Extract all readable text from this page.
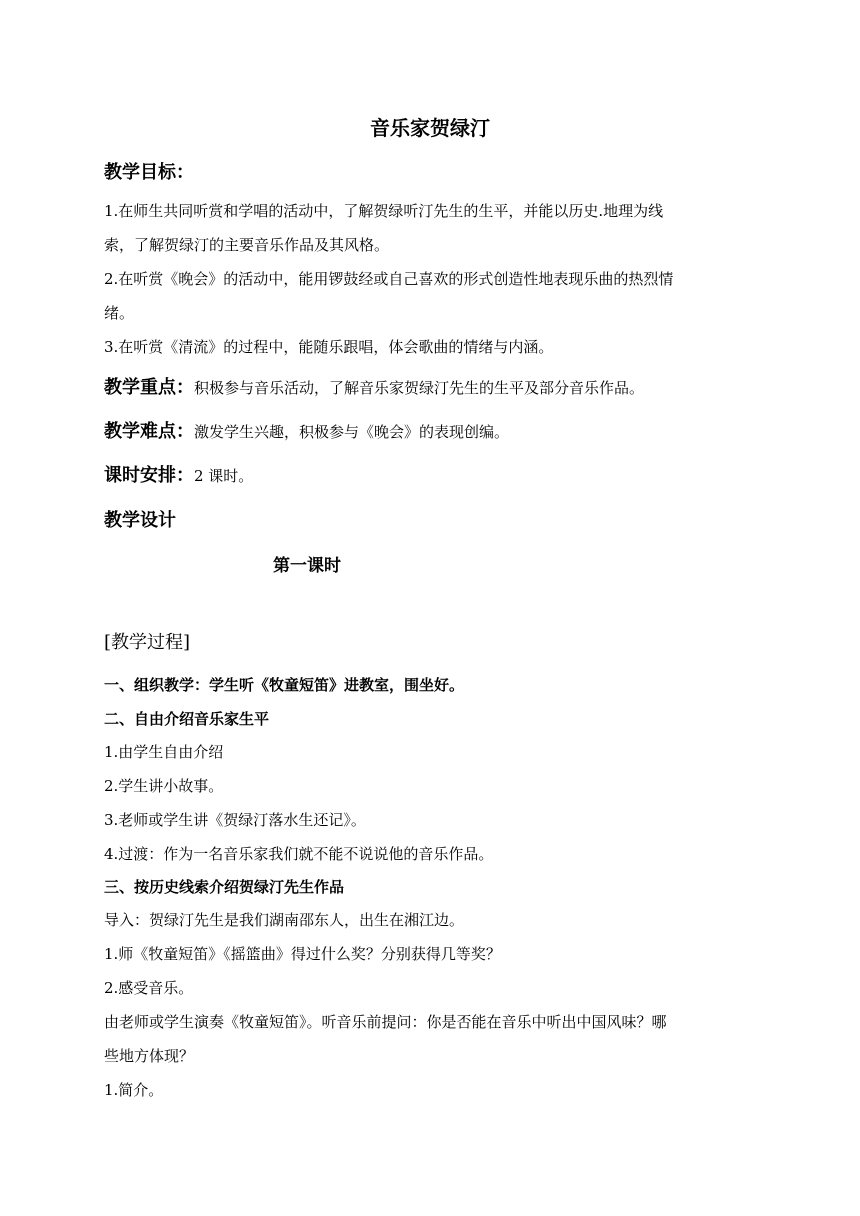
音乐家贺绿汀
教学目标：
1.在师生共同听赏和学唱的活动中，了解贺绿听汀先生的生平，并能以历史.地理为线
索，了解贺绿汀的主要音乐作品及其风格。
2.在听赏《晚会》的活动中，能用锣鼓经或自己喜欢的形式创造性地表现乐曲的热烈情
绪。
3.在听赏《清流》的过程中，能随乐跟唱，体会歌曲的情绪与内涵。
教学重点：积极参与音乐活动，了解音乐家贺绿汀先生的生平及部分音乐作品。
教学难点：激发学生兴趣，积极参与《晚会》的表现创编。
课时安排：2 课时。
教学设计
第一课时
[教学过程]
一、组织教学：学生听《牧童短笛》进教室，围坐好。
二、自由介绍音乐家生平
1.由学生自由介绍
2.学生讲小故事。
3.老师或学生讲《贺绿汀落水生还记》。
4.过渡：作为一名音乐家我们就不能不说说他的音乐作品。
三、按历史线索介绍贺绿汀先生作品
导入：贺绿汀先生是我们湖南邵东人，出生在湘江边。
1.师《牧童短笛》《摇篮曲》得过什么奖？分别获得几等奖？
2.感受音乐。
由老师或学生演奏《牧童短笛》。听音乐前提问：你是否能在音乐中听出中国风味？哪
些地方体现？
1.简介。
